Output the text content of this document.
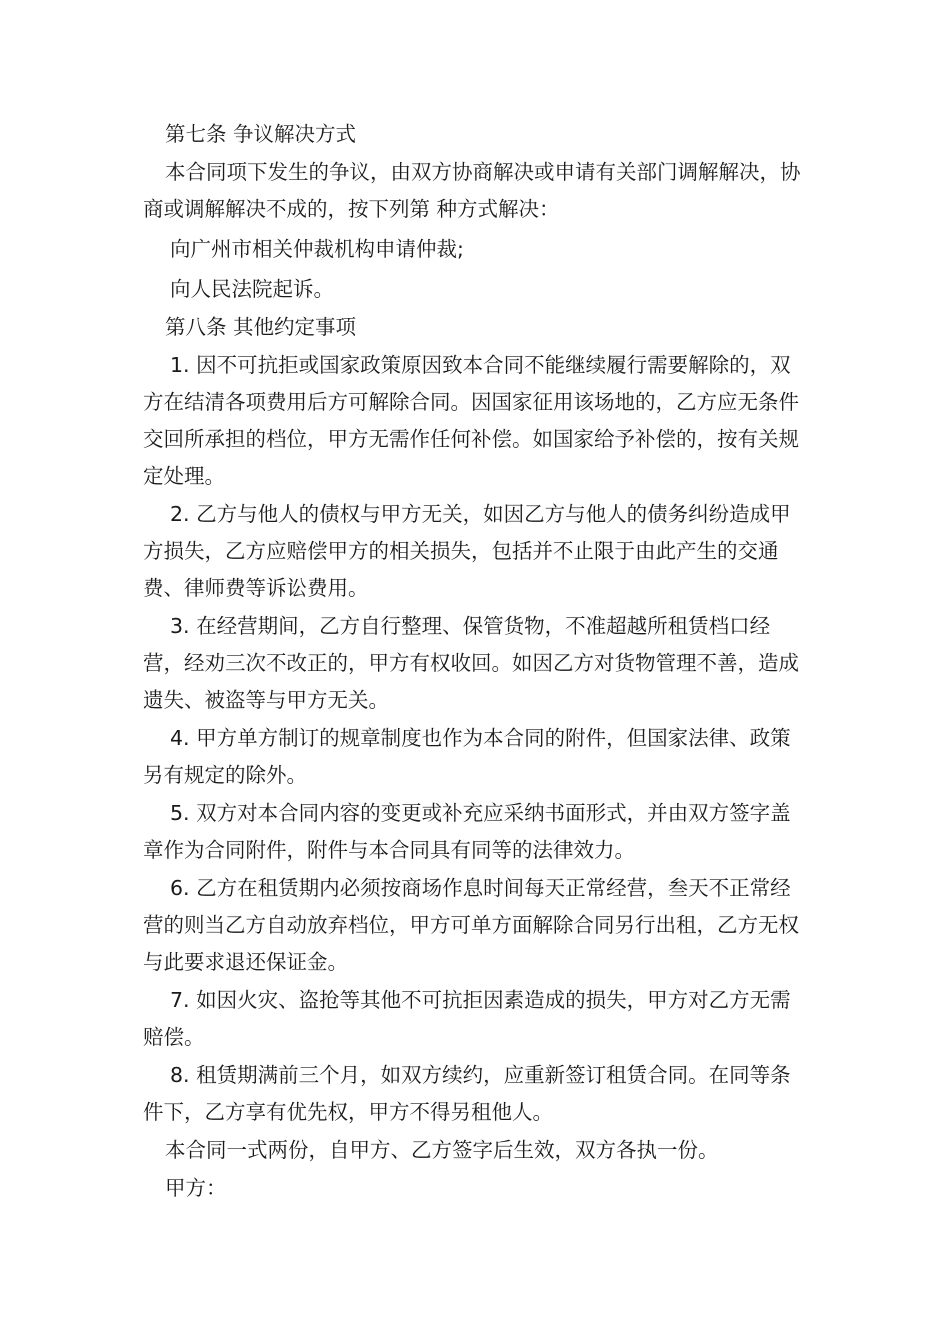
第七条 争议解决方式

本合同项下发生的争议，由双方协商解决或申请有关部门调解解决，协商或调解解决不成的，按下列第 种方式解决：

向广州市相关仲裁机构申请仲裁;

向人民法院起诉。

第八条 其他约定事项

1. 因不可抗拒或国家政策原因致本合同不能继续履行需要解除的，双方在结清各项费用后方可解除合同。因国家征用该场地的，乙方应无条件交回所承担的档位，甲方无需作任何补偿。如国家给予补偿的，按有关规定处理。

2. 乙方与他人的债权与甲方无关，如因乙方与他人的债务纠纷造成甲方损失，乙方应赔偿甲方的相关损失，包括并不止限于由此产生的交通费、律师费等诉讼费用。

3. 在经营期间，乙方自行整理、保管货物，不准超越所租赁档口经营，经劝三次不改正的，甲方有权收回。如因乙方对货物管理不善，造成遗失、被盗等与甲方无关。

4. 甲方单方制订的规章制度也作为本合同的附件，但国家法律、政策另有规定的除外。

5. 双方对本合同内容的变更或补充应采纳书面形式，并由双方签字盖章作为合同附件，附件与本合同具有同等的法律效力。

6. 乙方在租赁期内必须按商场作息时间每天正常经营，叁天不正常经营的则当乙方自动放弃档位，甲方可单方面解除合同另行出租，乙方无权与此要求退还保证金。

7. 如因火灾、盗抢等其他不可抗拒因素造成的损失，甲方对乙方无需赔偿。

8. 租赁期满前三个月，如双方续约，应重新签订租赁合同。在同等条件下，乙方享有优先权，甲方不得另租他人。

本合同一式两份，自甲方、乙方签字后生效，双方各执一份。

甲方：
